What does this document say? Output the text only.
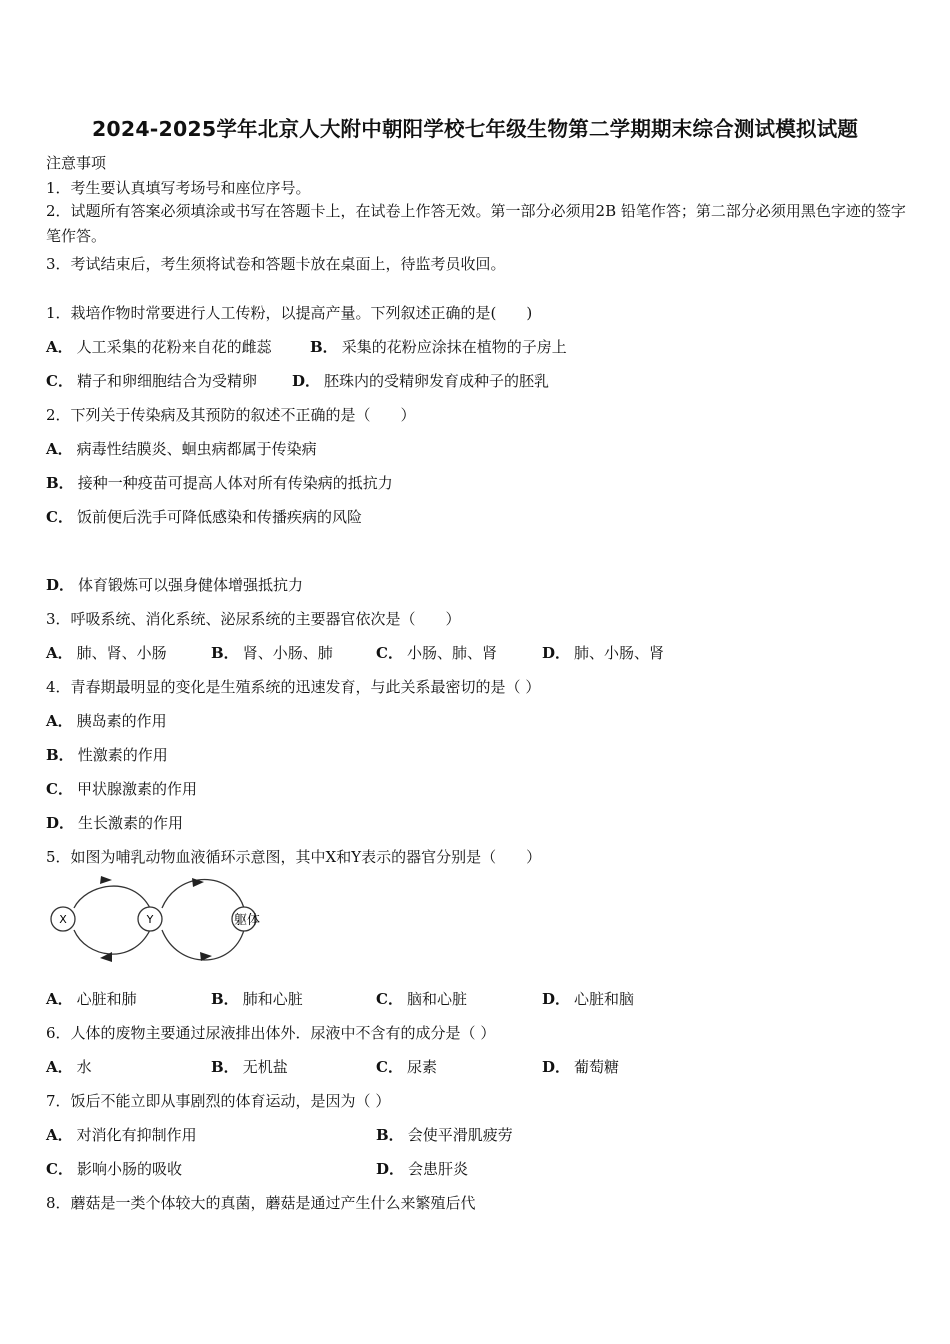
2024-2025学年北京人大附中朝阳学校七年级生物第二学期期末综合测试模拟试题
注意事项
1．考生要认真填写考场号和座位序号。
2．试题所有答案必须填涂或书写在答题卡上，在试卷上作答无效。第一部分必须用2B 铅笔作答；第二部分必须用黑色字迹的签字笔作答。
3．考试结束后，考生须将试卷和答题卡放在桌面上，待监考员收回。
1．栽培作物时常要进行人工传粉，以提高产量。下列叙述正确的是(　　)
A． 人工采集的花粉来自花的雌蕊	B． 采集的花粉应涂抹在植物的子房上
C． 精子和卵细胞结合为受精卵 D． 胚珠内的受精卵发育成种子的胚乳
2．下列关于传染病及其预防的叙述不正确的是（　　）
A． 病毒性结膜炎、蛔虫病都属于传染病
B． 接种一种疫苗可提高人体对所有传染病的抵抗力
C． 饭前便后洗手可降低感染和传播疾病的风险
D． 体育锻炼可以强身健体增强抵抗力
3．呼吸系统、消化系统、泌尿系统的主要器官依次是（　　）
A． 肺、肾、小肠	B． 肾、小肠、肺	C． 小肠、肺、肾	D． 肺、小肠、肾
4．青春期最明显的变化是生殖系统的迅速发育，与此关系最密切的是（ ）
A． 胰岛素的作用
B． 性激素的作用
C． 甲状腺激素的作用
D． 生长激素的作用
5．如图为哺乳动物血液循环示意图，其中X和Y表示的器官分别是（　　）
X	Y	躯体
A． 心脏和肺	B． 肺和心脏	C． 脑和心脏	D． 心脏和脑
6．人体的废物主要通过尿液排出体外．尿液中不含有的成分是（ ）
A． 水	B． 无机盐	C． 尿素	D． 葡萄糖
7．饭后不能立即从事剧烈的体育运动，是因为（ ）
A． 对消化有抑制作用	B． 会使平滑肌疲劳
C． 影响小肠的吸收	D． 会患肝炎
8．蘑菇是一类个体较大的真菌，蘑菇是通过产生什么来繁殖后代
